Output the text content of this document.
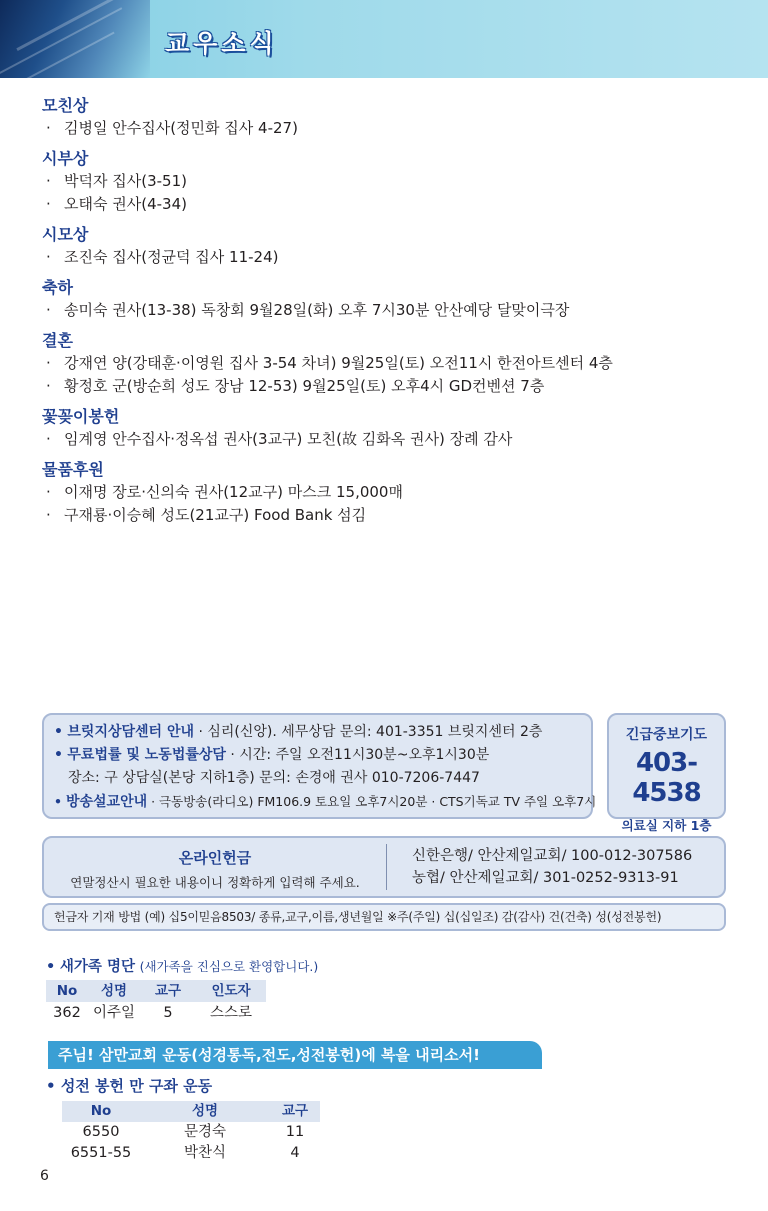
교우소식
모친상
· 김병일 안수집사(정민화 집사 4-27)
시부상
· 박덕자 집사(3-51)
· 오태숙 권사(4-34)
시모상
· 조진숙 집사(정균덕 집사 11-24)
축하
· 송미숙 권사(13-38) 독창회 9월28일(화) 오후 7시30분 안산예당 달맞이극장
결혼
· 강재연 양(강태훈·이영원 집사 3-54 차녀) 9월25일(토) 오전11시 한전아트센터 4층
· 황정호 군(방순희 성도 장남 12-53) 9월25일(토) 오후4시 GD컨벤션 7층
꽃꽂이봉헌
· 임계영 안수집사·정옥섭 권사(3교구) 모친(故 김화옥 권사) 장례 감사
물품후원
· 이재명 장로·신의숙 권사(12교구) 마스크 15,000매
· 구재룡·이승혜 성도(21교구) Food Bank 섬김
• 브릿지상담센터 안내 · 심리(신앙). 세무상담 문의: 401-3351 브릿지센터 2층
• 무료법률 및 노동법률상담 · 시간: 주일 오전11시30분~오후1시30분
장소: 구 상담실(본당 지하1층) 문의: 손경애 권사 010-7206-7447
• 방송설교안내 · 극동방송(라디오) FM106.9 토요일 오후7시20분 · CTS기독교 TV 주일 오후7시
긴급중보기도
403-4538
의료실 지하 1층
온라인헌금
연말정산시 필요한 내용이니 정확하게 입력해 주세요.
신한은행/ 안산제일교회/ 100-012-307586
농협/ 안산제일교회/ 301-0252-9313-91
헌금자 기재 방법 (예) 십5이믿음8503/ 종류,교구,이름,생년월일 ※주(주일) 십(십일조) 감(감사) 건(건축) 성(성전봉헌)
• 새가족 명단 (새가족을 진심으로 환영합니다.)
No	성명	교구	인도자
362 이주일	5	스스로
주님! 삼만교회 운동(성경통독,전도,성전봉헌)에 복을 내리소서!
• 성전 봉헌 만 구좌 운동
No	성명	교구
6550	문경숙	11
6551-55	박찬식	4
6
